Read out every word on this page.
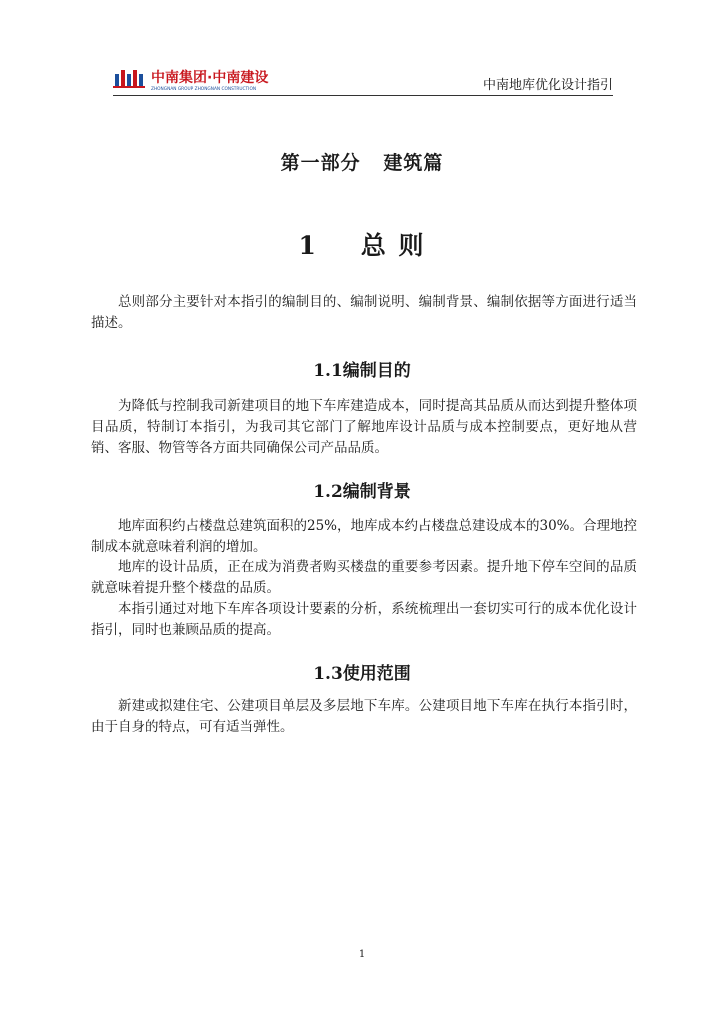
中南集团·中南建设
ZHONGNAN GROUP ZHONGNAN CONSTRUCTION	中南地库优化设计指引
第一部分   建筑篇
1    总 则

总则部分主要针对本指引的编制目的、编制说明、编制背景、编制依据等方面进行适当描述。

1.1编制目的

为降低与控制我司新建项目的地下车库建造成本，同时提高其品质从而达到提升整体项目品质，特制订本指引，为我司其它部门了解地库设计品质与成本控制要点，更好地从营销、客服、物管等各方面共同确保公司产品品质。

1.2编制背景

地库面积约占楼盘总建筑面积的25%，地库成本约占楼盘总建设成本的30%。合理地控制成本就意味着利润的增加。

地库的设计品质，正在成为消费者购买楼盘的重要参考因素。提升地下停车空间的品质就意味着提升整个楼盘的品质。

本指引通过对地下车库各项设计要素的分析，系统梳理出一套切实可行的成本优化设计指引，同时也兼顾品质的提高。

1.3使用范围

新建或拟建住宅、公建项目单层及多层地下车库。公建项目地下车库在执行本指引时，由于自身的特点，可有适当弹性。

1
